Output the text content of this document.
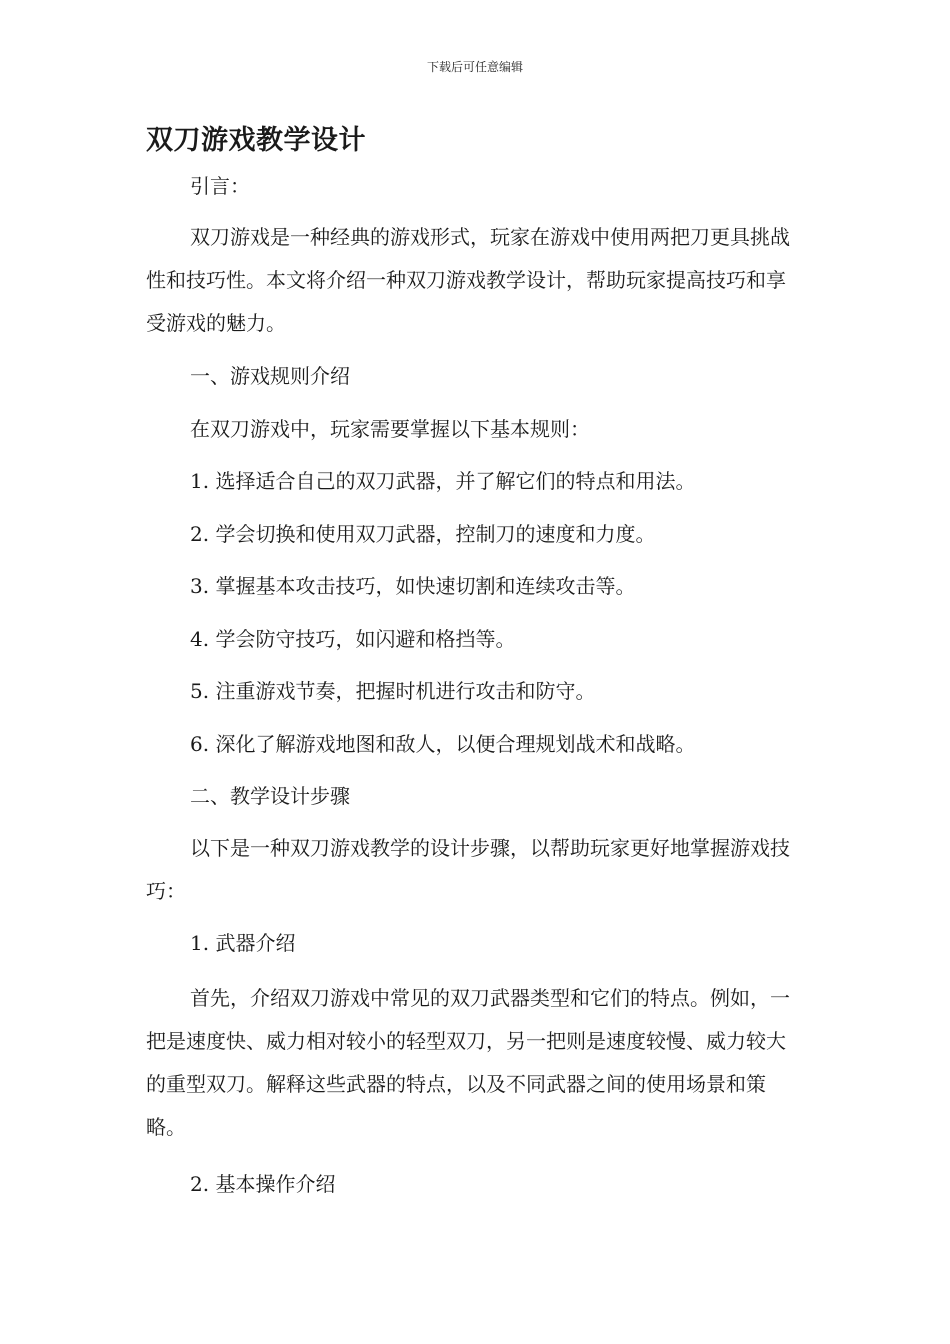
下载后可任意编辑
双刀游戏教学设计

引言：

双刀游戏是一种经典的游戏形式，玩家在游戏中使用两把刀更具挑战性和技巧性。本文将介绍一种双刀游戏教学设计，帮助玩家提高技巧和享受游戏的魅力。

一、游戏规则介绍

在双刀游戏中，玩家需要掌握以下基本规则：

1. 选择适合自己的双刀武器，并了解它们的特点和用法。

2. 学会切换和使用双刀武器，控制刀的速度和力度。

3. 掌握基本攻击技巧，如快速切割和连续攻击等。

4. 学会防守技巧，如闪避和格挡等。

5. 注重游戏节奏，把握时机进行攻击和防守。

6. 深化了解游戏地图和敌人，以便合理规划战术和战略。

二、教学设计步骤

以下是一种双刀游戏教学的设计步骤，以帮助玩家更好地掌握游戏技巧：

1. 武器介绍

首先，介绍双刀游戏中常见的双刀武器类型和它们的特点。例如，一把是速度快、威力相对较小的轻型双刀，另一把则是速度较慢、威力较大的重型双刀。解释这些武器的特点，以及不同武器之间的使用场景和策略。

2. 基本操作介绍
